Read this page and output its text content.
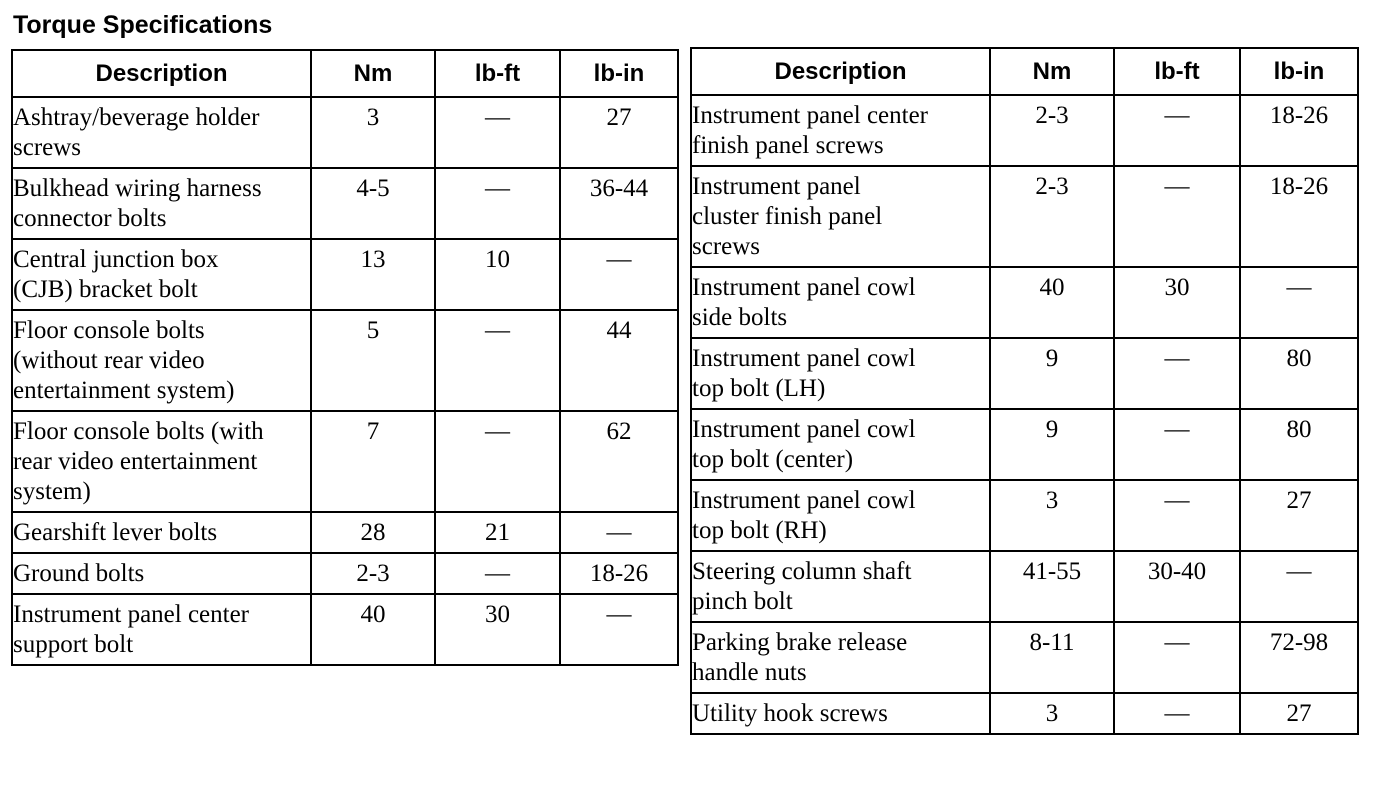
Torque Specifications
Description	Nm	lb-ft	lb-in

Ashtray/beverage holder screws	3	—	27

Bulkhead wiring harness connector bolts	4-5	—	36-44

Central junction box (CJB) bracket bolt	13	10	—

Floor console bolts (without rear video entertainment system)	5	—	44

Floor console bolts (with rear video entertainment system)	7	—	62

Gearshift lever bolts	28	21	—

Ground bolts	2-3	—	18-26

Instrument panel center support bolt	40	30	—
Description	Nm	lb-ft	lb-in

Instrument panel center finish panel screws	2-3	—	18-26

Instrument panel cluster finish panel screws	2-3	—	18-26

Instrument panel cowl side bolts	40	30	—

Instrument panel cowl top bolt (LH)	9	—	80

Instrument panel cowl top bolt (center)	9	—	80

Instrument panel cowl top bolt (RH)	3	—	27

Steering column shaft pinch bolt	41-55	30-40	—

Parking brake release handle nuts	8-11	—	72-98

Utility hook screws	3	—	27
